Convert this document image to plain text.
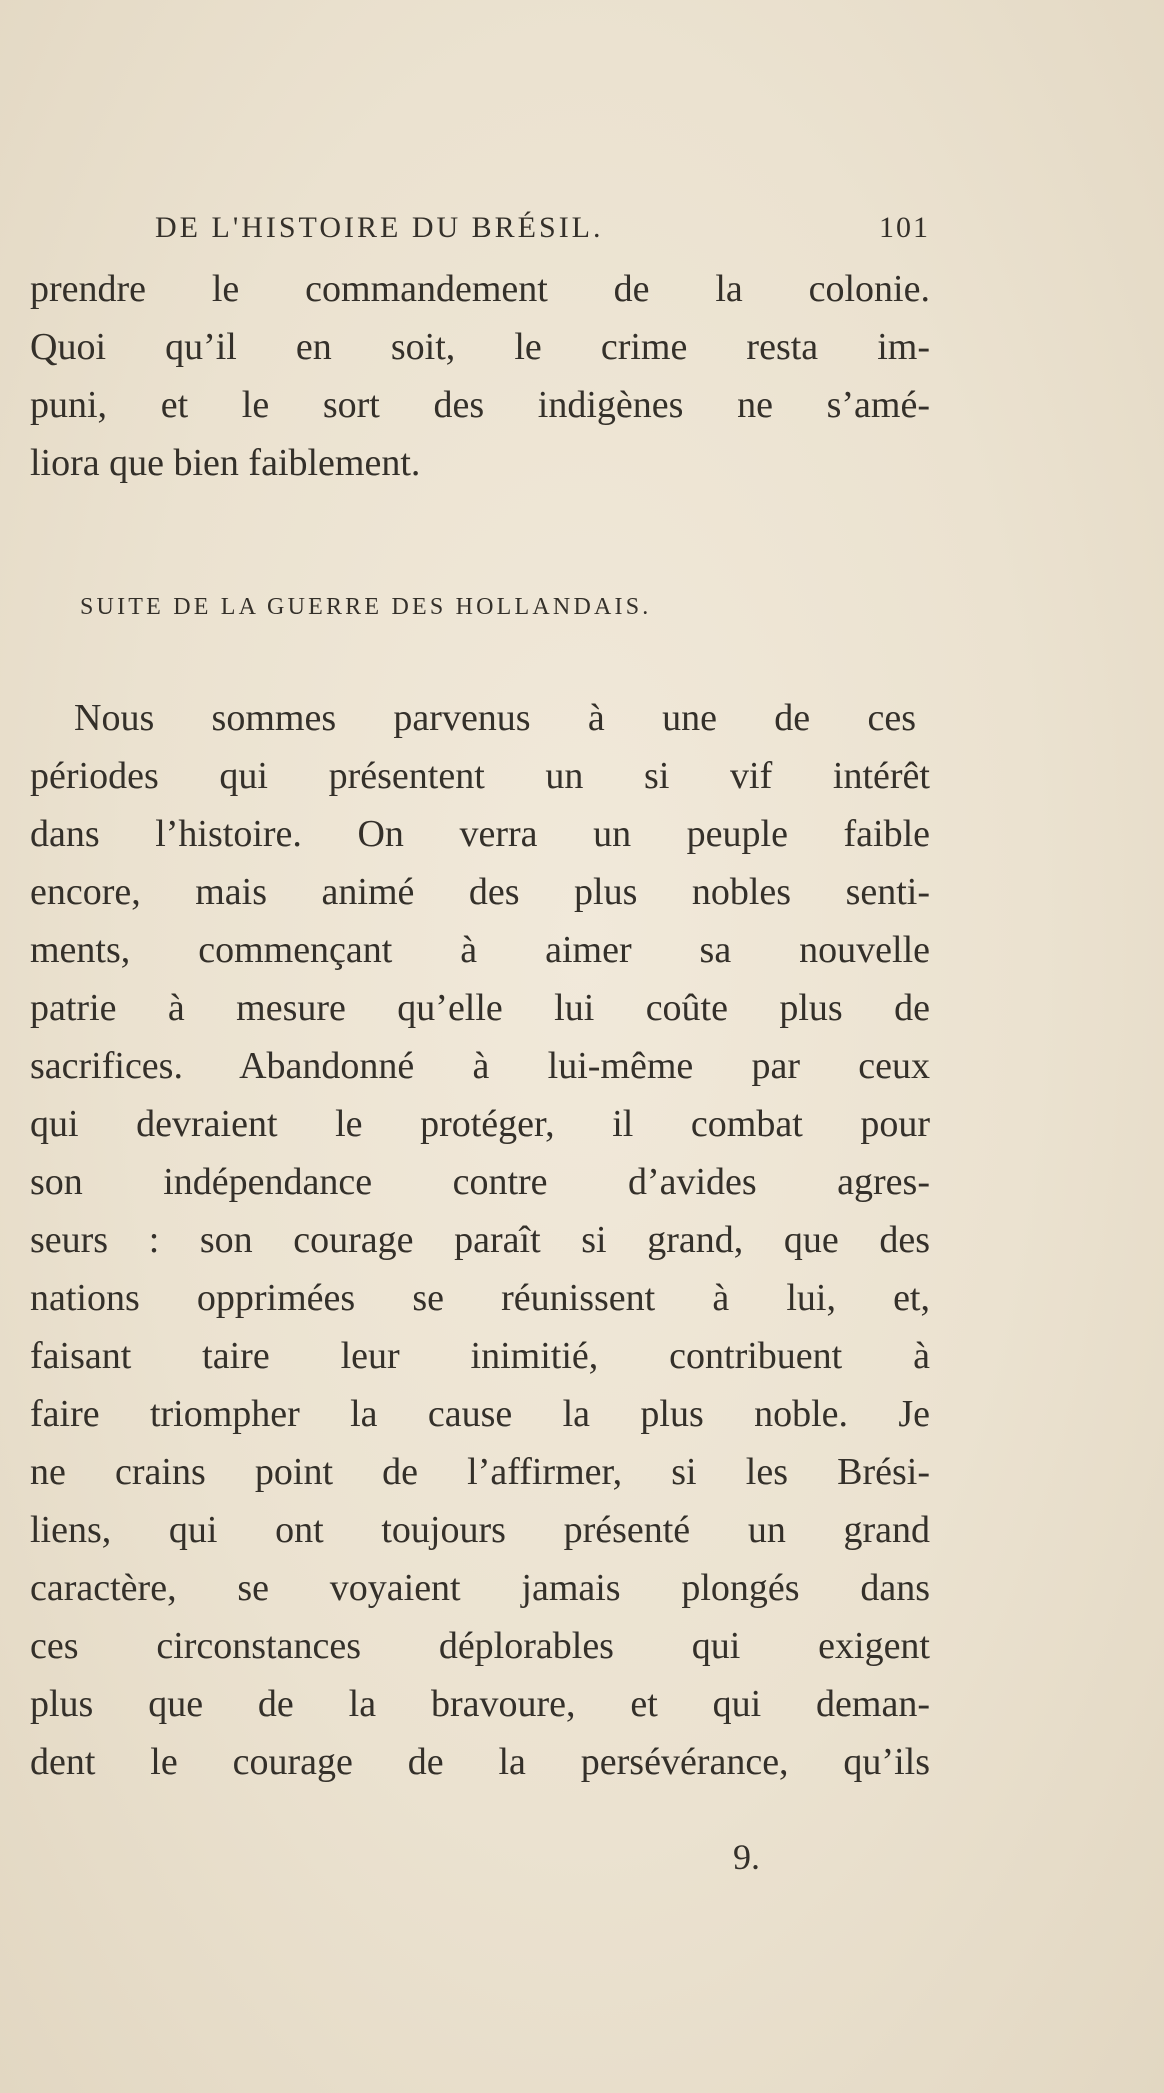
DE L'HISTOIRE DU BRÉSIL.	101
prendre le commandement de la colonie.
Quoi qu’il en soit, le crime resta im-
puni, et le sort des indigènes ne s’amé-
liora que bien faiblement.
SUITE DE LA GUERRE DES HOLLANDAIS.
Nous sommes parvenus à une de ces
périodes qui présentent un si vif intérêt
dans l’histoire. On verra un peuple faible
encore, mais animé des plus nobles senti-
ments, commençant à aimer sa nouvelle
patrie à mesure qu’elle lui coûte plus de
sacrifices. Abandonné à lui-même par ceux
qui devraient le protéger, il combat pour
son indépendance contre d’avides agres-
seurs : son courage paraît si grand, que des
nations opprimées se réunissent à lui, et,
faisant taire leur inimitié, contribuent à
faire triompher la cause la plus noble. Je
ne crains point de l’affirmer, si les Brési-
liens, qui ont toujours présenté un grand
caractère, se voyaient jamais plongés dans
ces circonstances déplorables qui exigent
plus que de la bravoure, et qui deman-
dent le courage de la persévérance, qu’ils
9.
